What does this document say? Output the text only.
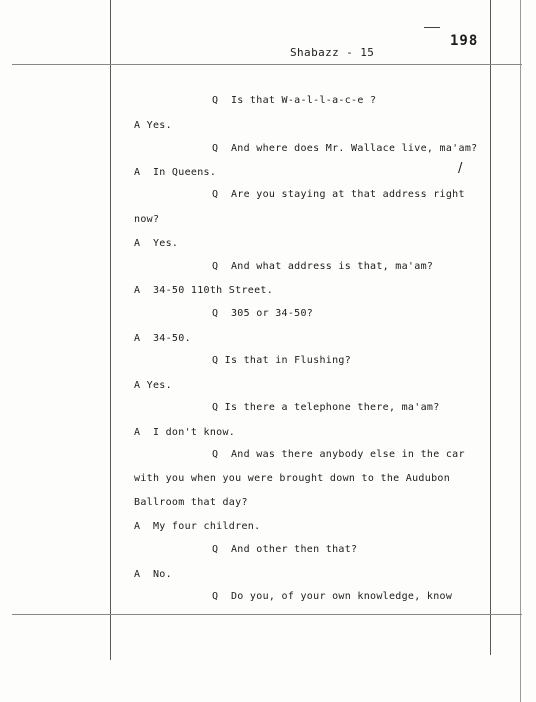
Shabazz - 15
198
/
Q  Is that W-a-l-l-a-c-e ?
A Yes.
Q  And where does Mr. Wallace live, ma'am?
A  In Queens.
Q  Are you staying at that address right
now?
A  Yes.
Q  And what address is that, ma'am?
A  34-50 110th Street.
Q  305 or 34-50?
A  34-50.
Q Is that in Flushing?
A Yes.
Q Is there a telephone there, ma'am?
A  I don't know.
Q  And was there anybody else in the car
with you when you were brought down to the Audubon
Ballroom that day?
A  My four children.
Q  And other then that?
A  No.
Q  Do you, of your own knowledge, know
